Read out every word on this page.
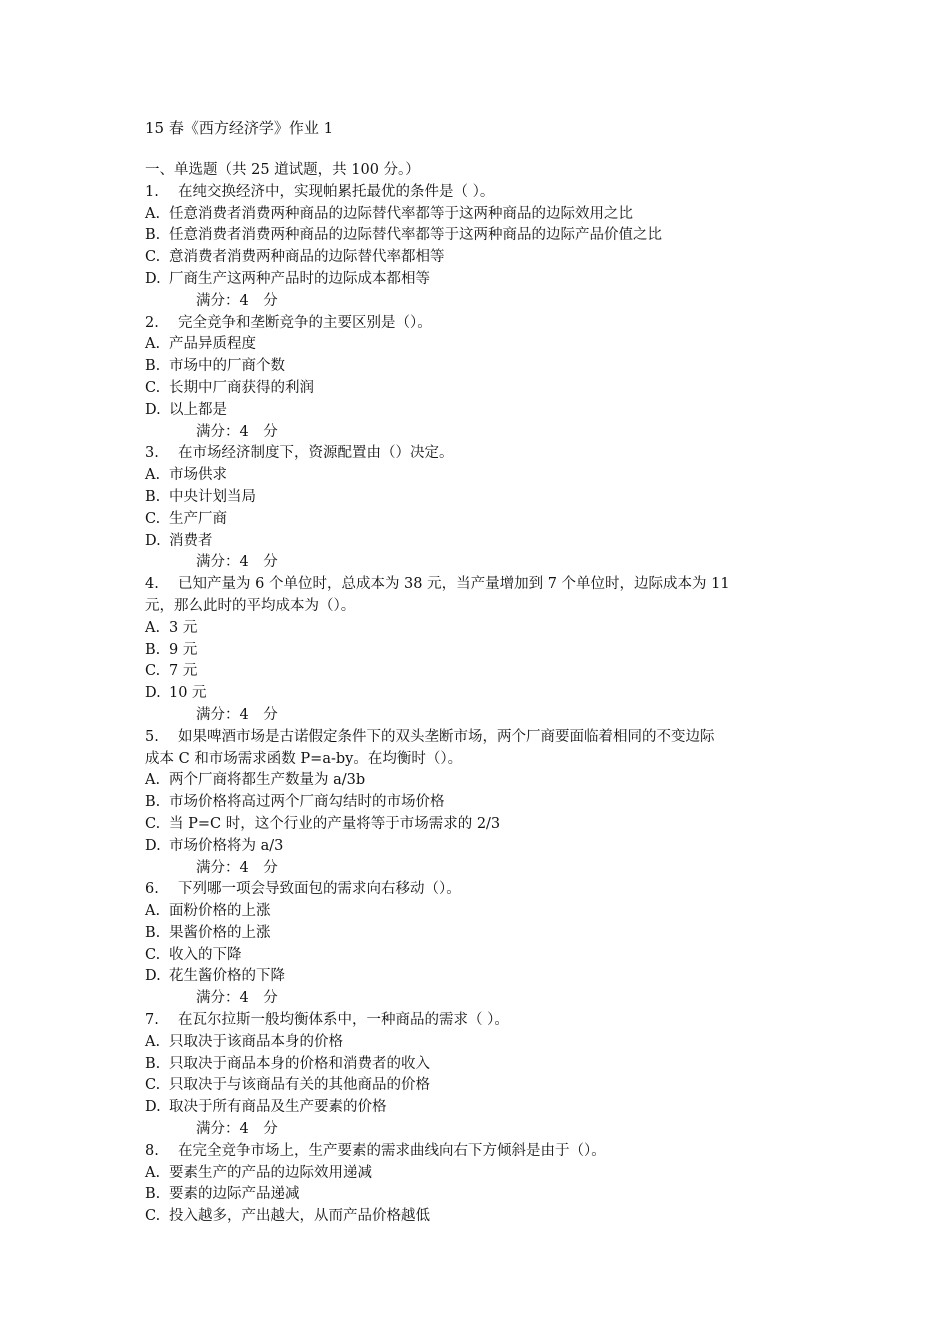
15 春《西方经济学》作业 1
一、单选题（共 25 道试题，共 100 分。）
1. 在纯交换经济中，实现帕累托最优的条件是（ ）。
A. 任意消费者消费两种商品的边际替代率都等于这两种商品的边际效用之比
B. 任意消费者消费两种商品的边际替代率都等于这两种商品的边际产品价值之比
C. 意消费者消费两种商品的边际替代率都相等
D. 厂商生产这两种产品时的边际成本都相等
满分：4　分
2. 完全竞争和垄断竞争的主要区别是（）。
A. 产品异质程度
B. 市场中的厂商个数
C. 长期中厂商获得的利润
D. 以上都是
满分：4　分
3. 在市场经济制度下，资源配置由（）决定。
A. 市场供求
B. 中央计划当局
C. 生产厂商
D. 消费者
满分：4　分
4. 已知产量为 6 个单位时，总成本为 38 元，当产量增加到 7 个单位时，边际成本为 11
元，那么此时的平均成本为（）。
A. 3 元
B. 9 元
C. 7 元
D. 10 元
满分：4　分
5. 如果啤酒市场是古诺假定条件下的双头垄断市场，两个厂商要面临着相同的不变边际
成本 C 和市场需求函数 P=a-by。在均衡时（）。
A. 两个厂商将都生产数量为 a/3b
B. 市场价格将高过两个厂商勾结时的市场价格
C. 当 P=C 时，这个行业的产量将等于市场需求的 2/3
D. 市场价格将为 a/3
满分：4　分
6. 下列哪一项会导致面包的需求向右移动（）。
A. 面粉价格的上涨
B. 果酱价格的上涨
C. 收入的下降
D. 花生酱价格的下降
满分：4　分
7. 在瓦尔拉斯一般均衡体系中，一种商品的需求（ ）。
A. 只取决于该商品本身的价格
B. 只取决于商品本身的价格和消费者的收入
C. 只取决于与该商品有关的其他商品的价格
D. 取决于所有商品及生产要素的价格
满分：4　分
8. 在完全竞争市场上，生产要素的需求曲线向右下方倾斜是由于（）。
A. 要素生产的产品的边际效用递减
B. 要素的边际产品递减
C. 投入越多，产出越大，从而产品价格越低
